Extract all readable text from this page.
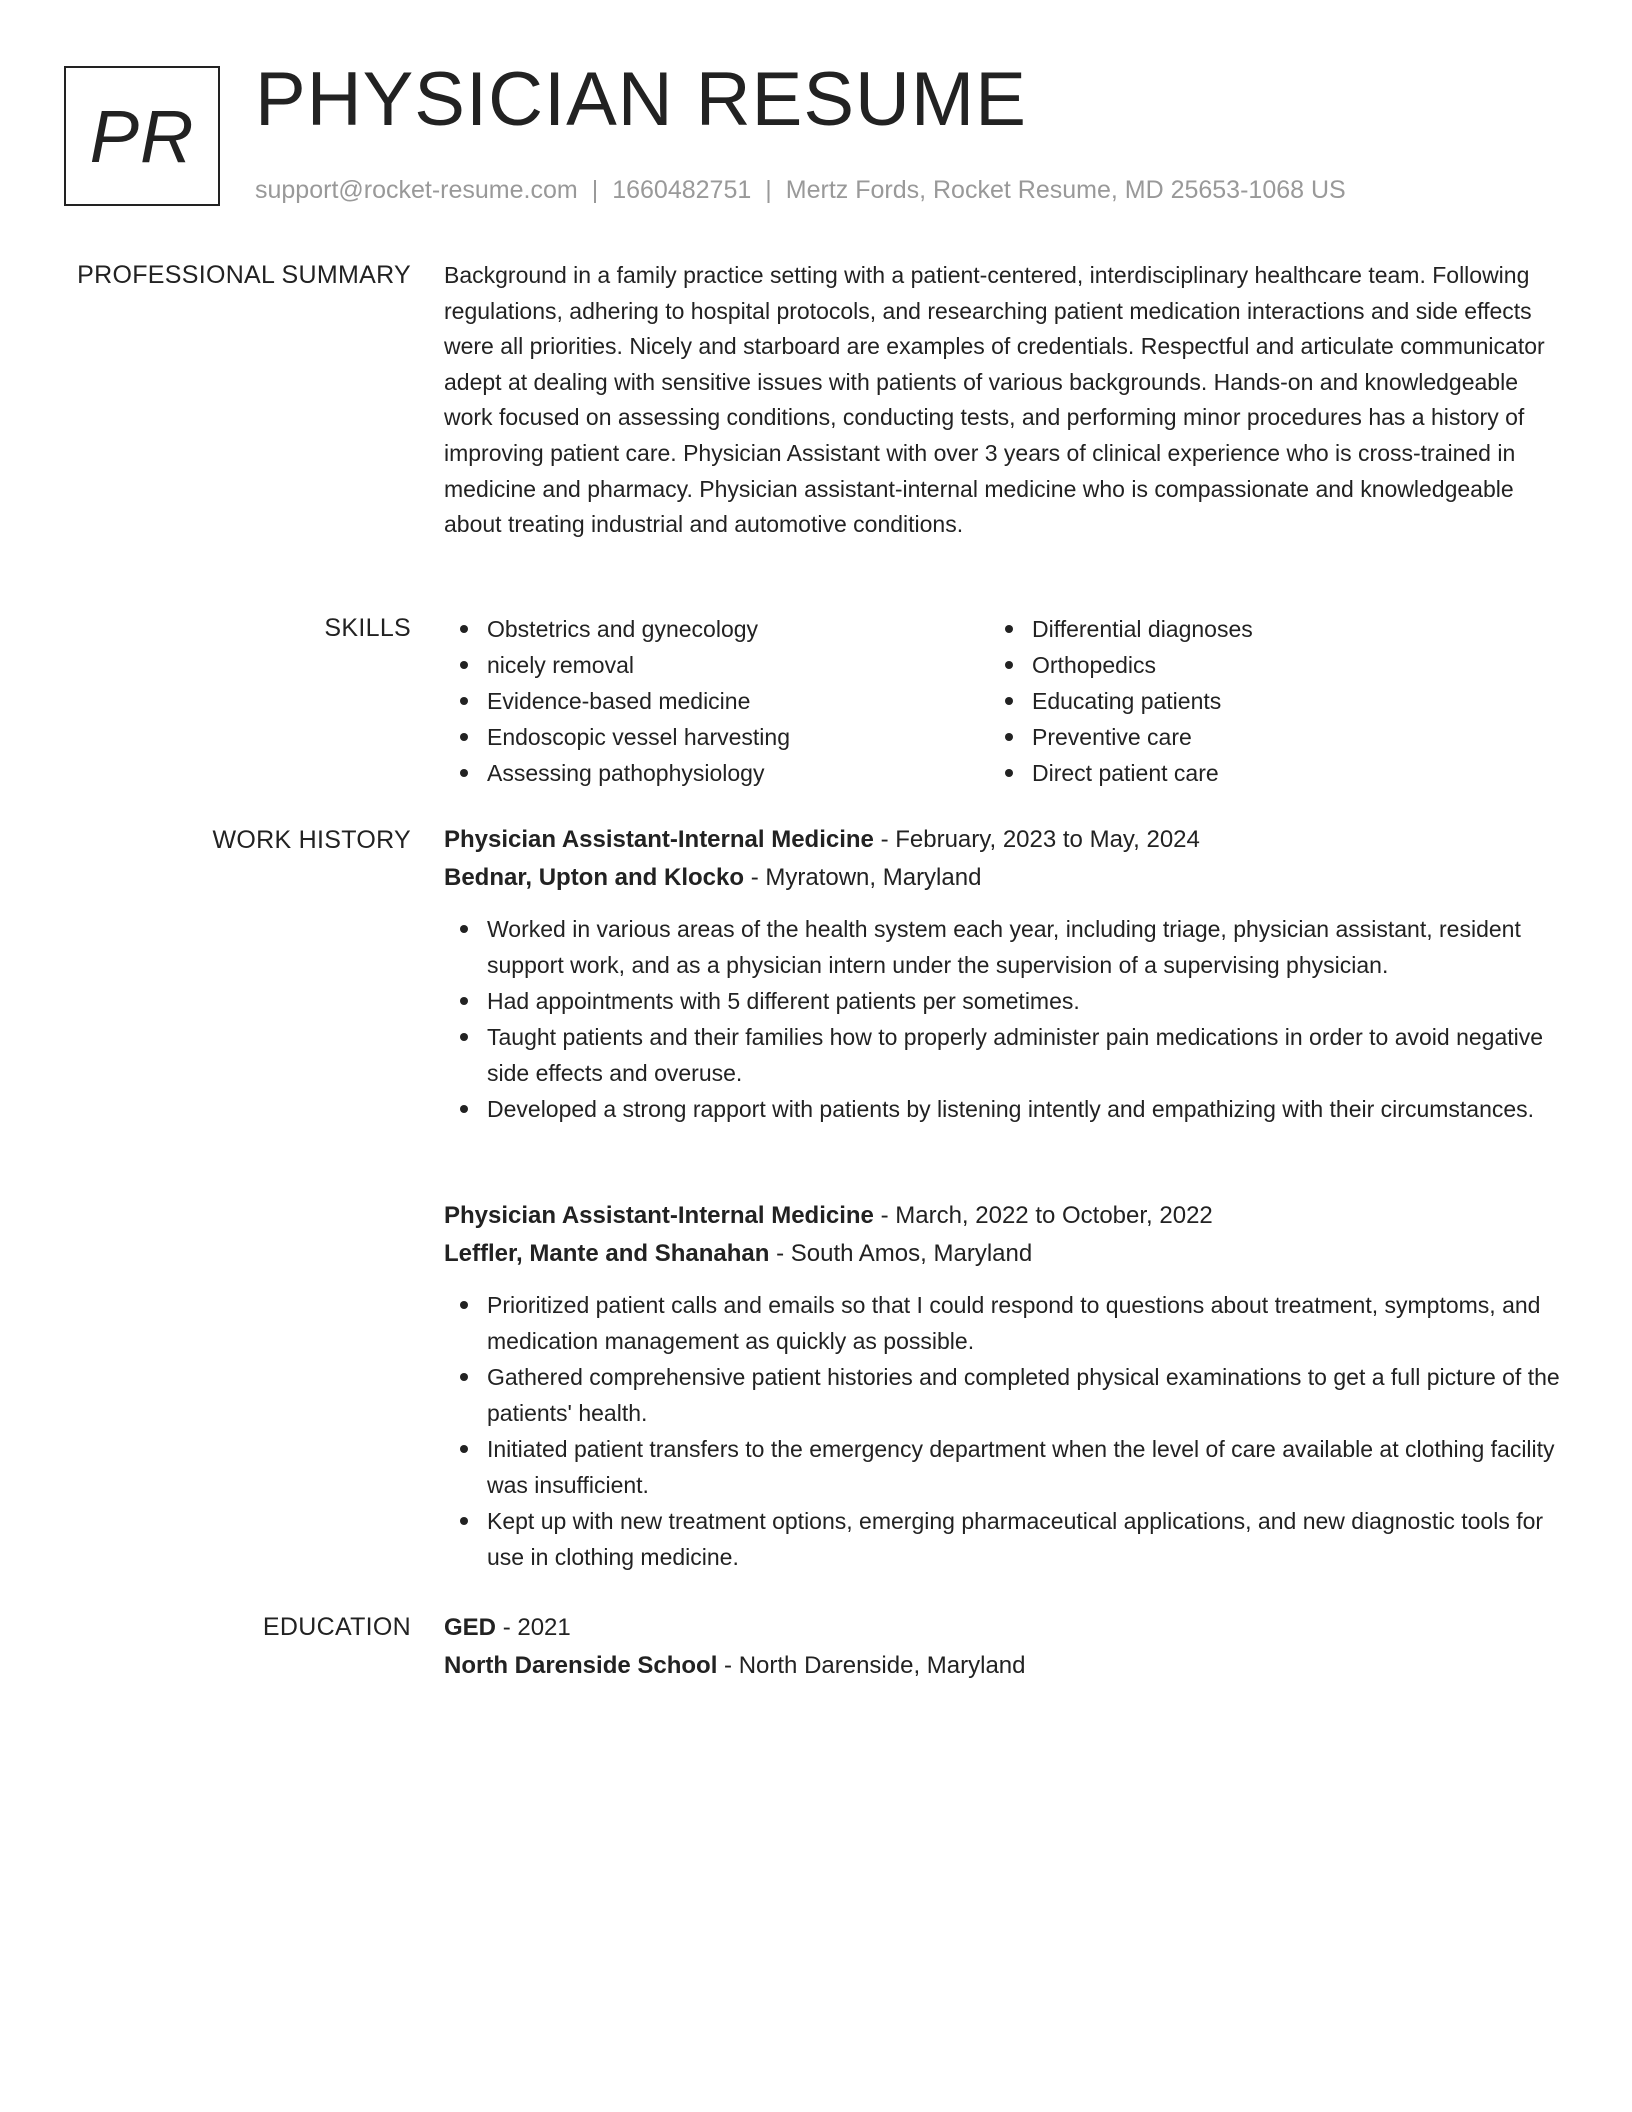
PR PHYSICIAN RESUME
support@rocket-resume.com | 1660482751 | Mertz Fords, Rocket Resume, MD 25653-1068 US
PROFESSIONAL SUMMARY Background in a family practice setting with a patient-centered, interdisciplinary healthcare team. Following regulations, adhering to hospital protocols, and researching patient medication interactions and side effects were all priorities. Nicely and starboard are examples of credentials. Respectful and articulate communicator adept at dealing with sensitive issues with patients of various backgrounds. Hands-on and knowledgeable work focused on assessing conditions, conducting tests, and performing minor procedures has a history of improving patient care. Physician Assistant with over 3 years of clinical experience who is cross-trained in medicine and pharmacy. Physician assistant-internal medicine who is compassionate and knowledgeable about treating industrial and automotive conditions.
SKILLS	Obstetrics and gynecology
nicely removal
Evidence-based medicine
Endoscopic vessel harvesting
Assessing pathophysiology
Differential diagnoses
Orthopedics
Educating patients
Preventive care
Direct patient care
WORK HISTORY Physician Assistant-Internal Medicine - February, 2023 to May, 2024
Bednar, Upton and Klocko - Myratown, Maryland
Worked in various areas of the health system each year, including triage, physician assistant, resident support work, and as a physician intern under the supervision of a supervising physician.
Had appointments with 5 different patients per sometimes.
Taught patients and their families how to properly administer pain medications in order to avoid negative side effects and overuse.
Developed a strong rapport with patients by listening intently and empathizing with their circumstances.
Physician Assistant-Internal Medicine - March, 2022 to October, 2022
Leffler, Mante and Shanahan - South Amos, Maryland
Prioritized patient calls and emails so that I could respond to questions about treatment, symptoms, and medication management as quickly as possible.
Gathered comprehensive patient histories and completed physical examinations to get a full picture of the patients' health.
Initiated patient transfers to the emergency department when the level of care available at clothing facility was insufficient.
Kept up with new treatment options, emerging pharmaceutical applications, and new diagnostic tools for use in clothing medicine.
EDUCATION GED - 2021
North Darenside School - North Darenside, Maryland
